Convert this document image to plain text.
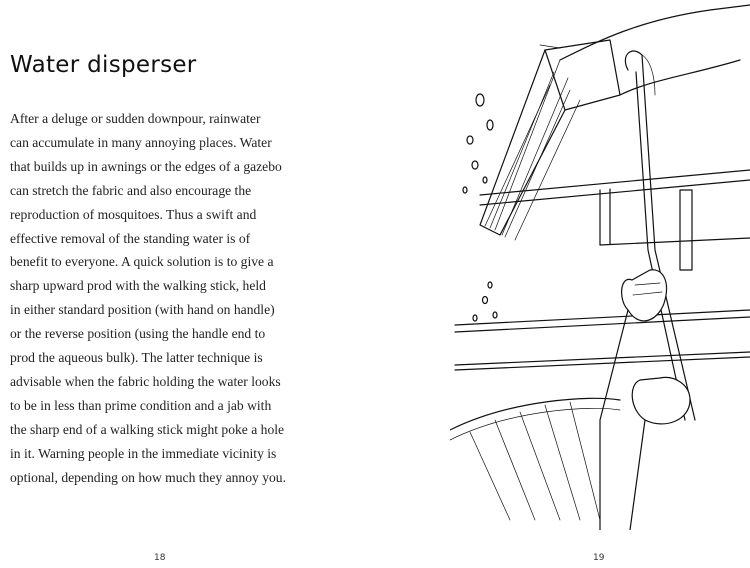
Water disperser

After a deluge or sudden downpour, rainwater
can accumulate in many annoying places. Water
that builds up in awnings or the edges of a gazebo
can stretch the fabric and also encourage the
reproduction of mosquitoes. Thus a swift and
effective removal of the standing water is of
benefit to everyone. A quick solution is to give a
sharp upward prod with the walking stick, held
in either standard position (with hand on handle)
or the reverse position (using the handle end to
prod the aqueous bulk). The latter technique is
advisable when the fabric holding the water looks
to be in less than prime condition and a jab with
the sharp end of a walking stick might poke a hole
in it. Warning people in the immediate vicinity is
optional, depending on how much they annoy you.

18	19
